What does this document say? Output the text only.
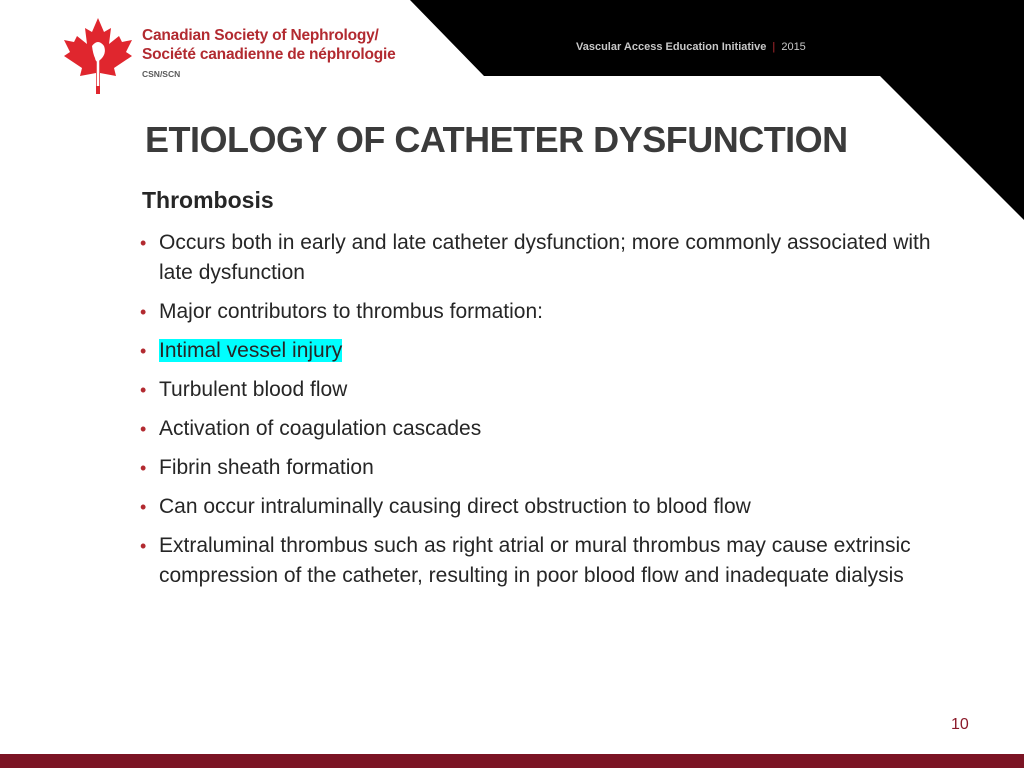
Canadian Society of Nephrology/
Société canadienne de néphrologie
CSN/SCN
Vascular Access Education Initiative | 2015
ETIOLOGY OF CATHETER DYSFUNCTION
Thrombosis
• Occurs both in early and late catheter dysfunction; more commonly associated with late dysfunction
• Major contributors to thrombus formation:
• Intimal vessel injury
• Turbulent blood flow
• Activation of coagulation cascades
• Fibrin sheath formation
• Can occur intraluminally causing direct obstruction to blood flow
• Extraluminal thrombus such as right atrial or mural thrombus may cause extrinsic compression of the catheter, resulting in poor blood flow and inadequate dialysis
10
